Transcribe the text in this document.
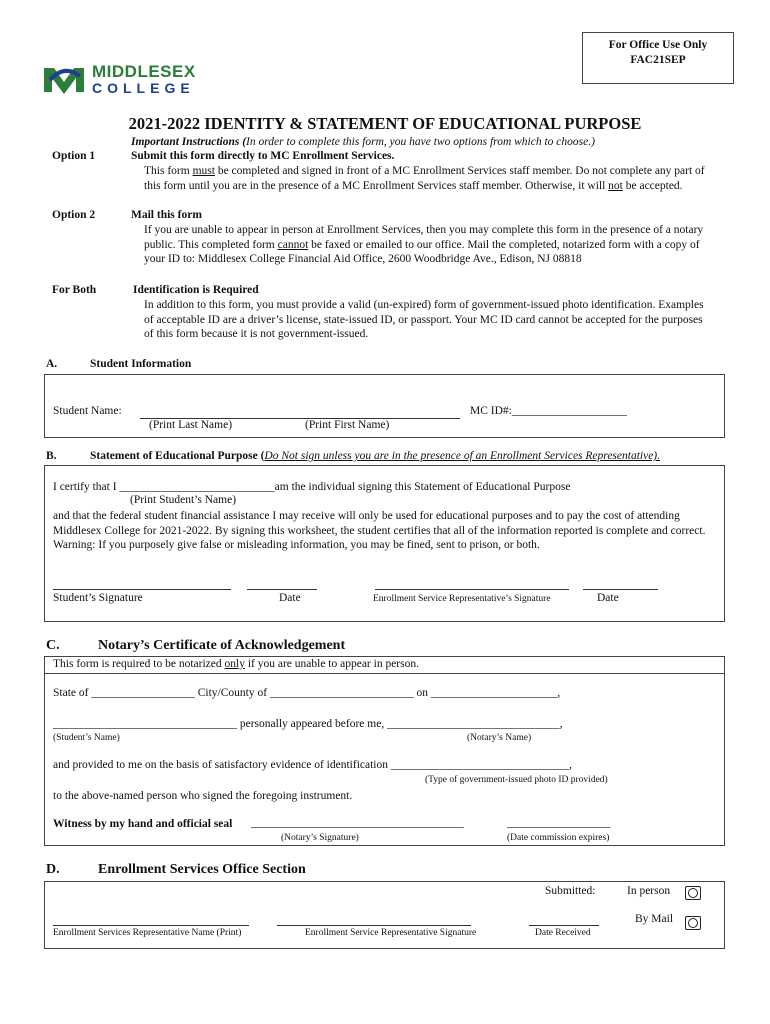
For Office Use Only
FAC21SEP
MIDDLESEX
COLLEGE
2021-2022 IDENTITY & STATEMENT OF EDUCATIONAL PURPOSE
Important Instructions (In order to complete this form, you have two options from which to choose.)
Option 1	Submit this form directly to MC Enrollment Services.
This form must be completed and signed in front of a MC Enrollment Services staff member. Do not complete any part of this form until you are in the presence of a MC Enrollment Services staff member. Otherwise, it will not be accepted.
Option 2	Mail this form
If you are unable to appear in person at Enrollment Services, then you may complete this form in the presence of a notary public. This completed form cannot be faxed or emailed to our office. Mail the completed, notarized form with a copy of your ID to: Middlesex College Financial Aid Office, 2600 Woodbridge Ave., Edison, NJ 08818
For Both	Identification is Required
In addition to this form, you must provide a valid (un-expired) form of government-issued photo identification. Examples of acceptable ID are a driver’s license, state-issued ID, or passport. Your MC ID card cannot be accepted for the purposes of this form because it is not government-issued.
A.	Student Information
Student Name:	MC ID#:____________________
(Print Last Name)	(Print First Name)
B.	Statement of Educational Purpose (Do Not sign unless you are in the presence of an Enrollment Services Representative).
I certify that I ___________________________am the individual signing this Statement of Educational Purpose
(Print Student’s Name)
and that the federal student financial assistance I may receive will only be used for educational purposes and to pay the cost of attending Middlesex College for 2021-2022. By signing this worksheet, the student certifies that all of the information reported is complete and correct. Warning: If you purposely give false or misleading information, you may be fined, sent to prison, or both.
Student’s Signature	Date	Enrollment Service Representative’s Signature	Date
C.	Notary’s Certificate of Acknowledgement
This form is required to be notarized only if you are unable to appear in person.
State of __________________ City/County of _________________________ on ______________________,
________________________________ personally appeared before me, ______________________________,
(Student’s Name)	(Notary’s Name)
and provided to me on the basis of satisfactory evidence of identification _______________________________,
(Type of government-issued photo ID provided)
to the above-named person who signed the foregoing instrument.
Witness by my hand and official seal _____________________________________	__________________
(Notary’s Signature)	(Date commission expires)
D.	Enrollment Services Office Section
Submitted:	In person
By Mail
Enrollment Services Representative Name (Print)	Enrollment Service Representative Signature	Date Received
